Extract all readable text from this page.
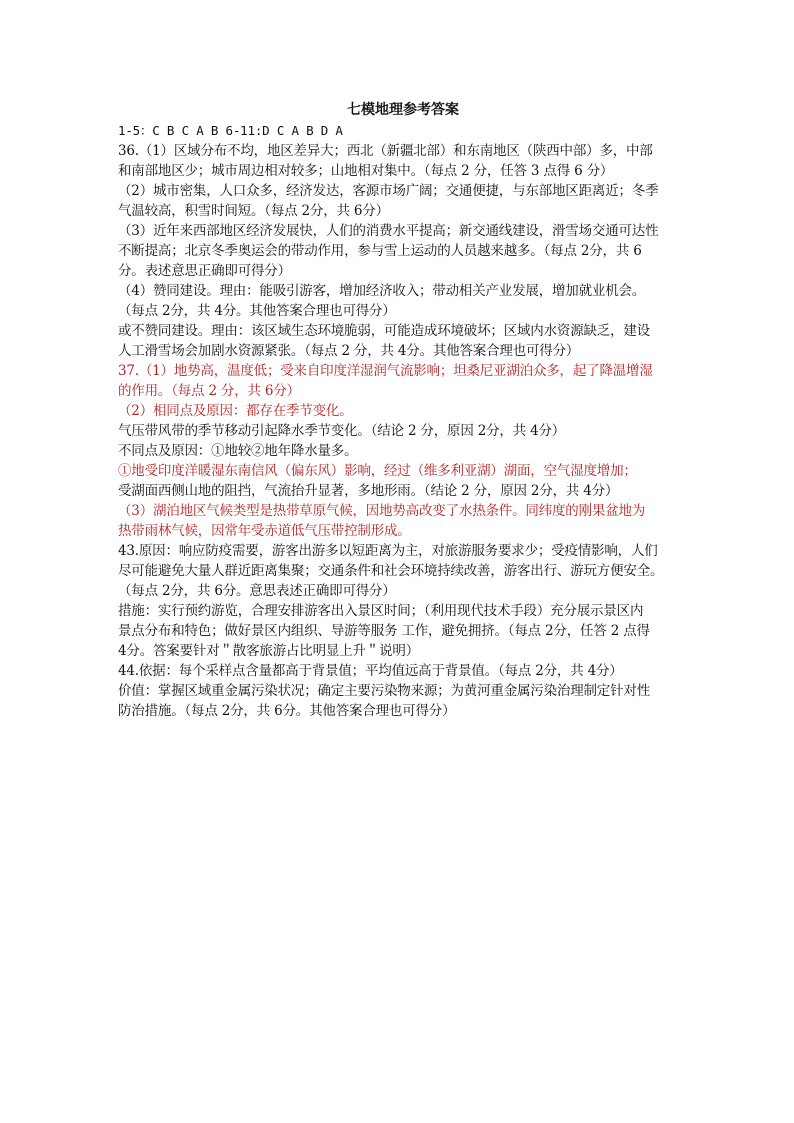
七模地理参考答案
1-5：C B C A B 6-11:D C A B D A
36.（1）区域分布不均，地区差异大；西北（新疆北部）和东南地区（陕西中部）多，中部
和南部地区少；城市周边相对较多；山地相对集中。（每点 2 分，任答 3 点得 6 分）
（2）城市密集，人口众多，经济发达，客源市场广阔；交通便捷，与东部地区距离近；冬季
气温较高，积雪时间短。（每点 2分，共 6分）
（3）近年来西部地区经济发展快，人们的消费水平提高；新交通线建设，滑雪场交通可达性
不断提高；北京冬季奥运会的带动作用，参与雪上运动的人员越来越多。（每点 2分，共 6
分。表述意思正确即可得分）
（4）赞同建设。理由：能吸引游客，增加经济收入；带动相关产业发展，增加就业机会。
（每点 2分，共 4分。其他答案合理也可得分）
或不赞同建设。理由：该区域生态环境脆弱，可能造成环境破坏；区域内水资源缺乏，建设
人工滑雪场会加剧水资源紧张。（每点 2 分，共 4分。其他答案合理也可得分）
37.（1）地势高，温度低；受来自印度洋湿润气流影响；坦桑尼亚湖泊众多，起了降温增湿
的作用。（每点 2 分，共 6分）
（2）相同点及原因：都存在季节变化。
气压带风带的季节移动引起降水季节变化。（结论 2 分，原因 2分，共 4分）
不同点及原因：①地较②地年降水量多。
①地受印度洋暖湿东南信风（偏东风）影响，经过（维多利亚湖）湖面，空气湿度增加；
受湖面西侧山地的阻挡，气流抬升显著，多地形雨。（结论 2 分，原因 2分，共 4分）
（3）湖泊地区气候类型是热带草原气候，因地势高改变了水热条件。同纬度的刚果盆地为
热带雨林气候，因常年受赤道低气压带控制形成。
43.原因：响应防疫需要，游客出游多以短距离为主，对旅游服务要求少；受疫情影响，人们
尽可能避免大量人群近距离集聚；交通条件和社会环境持续改善，游客出行、游玩方便安全。
（每点 2分，共 6分。意思表述正确即可得分）
措施：实行预约游览，合理安排游客出入景区时间；（利用现代技术手段）充分展示景区内
景点分布和特色；做好景区内组织、导游等服务 工作，避免拥挤。（每点 2分，任答 2 点得
4分。答案要针对＂散客旅游占比明显上升＂说明）
44.依据：每个采样点含量都高于背景值；平均值远高于背景值。（每点 2分，共 4分）
价值：掌握区域重金属污染状况；确定主要污染物来源；为黄河重金属污染治理制定针对性
防治措施。（每点 2分，共 6分。其他答案合理也可得分）
